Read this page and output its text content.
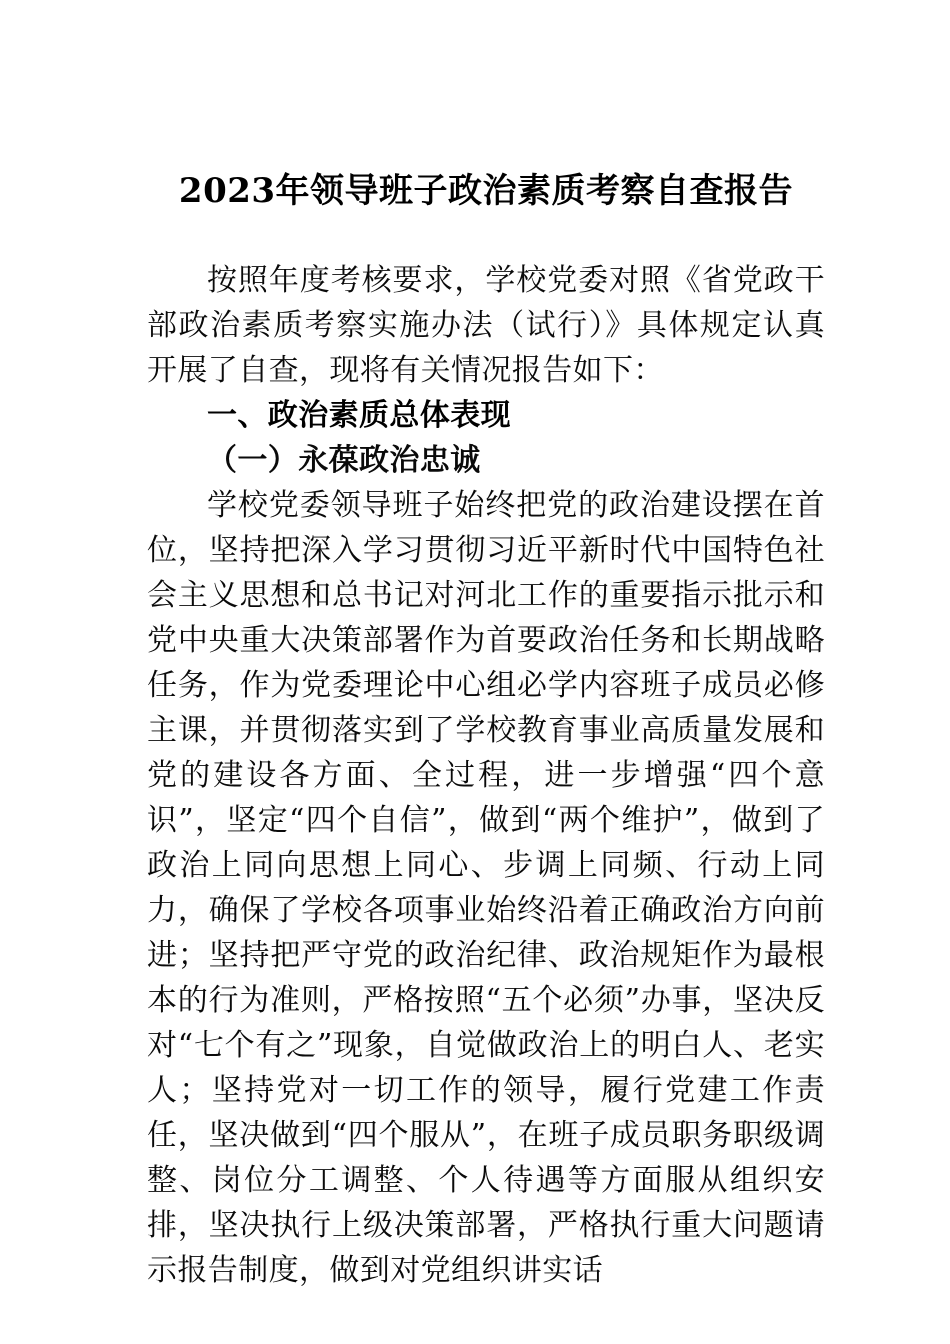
2023年领导班子政治素质考察自查报告

按照年度考核要求，学校党委对照《省党政干部政治素质考察实施办法（试行）》具体规定认真开展了自查，现将有关情况报告如下：

一、政治素质总体表现
（一）永葆政治忠诚

学校党委领导班子始终把党的政治建设摆在首位，坚持把深入学习贯彻习近平新时代中国特色社会主义思想和总书记对河北工作的重要指示批示和党中央重大决策部署作为首要政治任务和长期战略任务，作为党委理论中心组必学内容班子成员必修主课，并贯彻落实到了学校教育事业高质量发展和党的建设各方面、全过程，进一步增强“四个意识”，坚定“四个自信”，做到“两个维护”，做到了政治上同向思想上同心、步调上同频、行动上同力，确保了学校各项事业始终沿着正确政治方向前进；坚持把严守党的政治纪律、政治规矩作为最根本的行为准则，严格按照“五个必须”办事，坚决反对“七个有之”现象，自觉做政治上的明白人、老实人；坚持党对一切工作的领导，履行党建工作责任，坚决做到“四个服从”，在班子成员职务职级调整、岗位分工调整、个人待遇等方面服从组织安排，坚决执行上级决策部署，严格执行重大问题请示报告制度，做到对党组织讲实话
